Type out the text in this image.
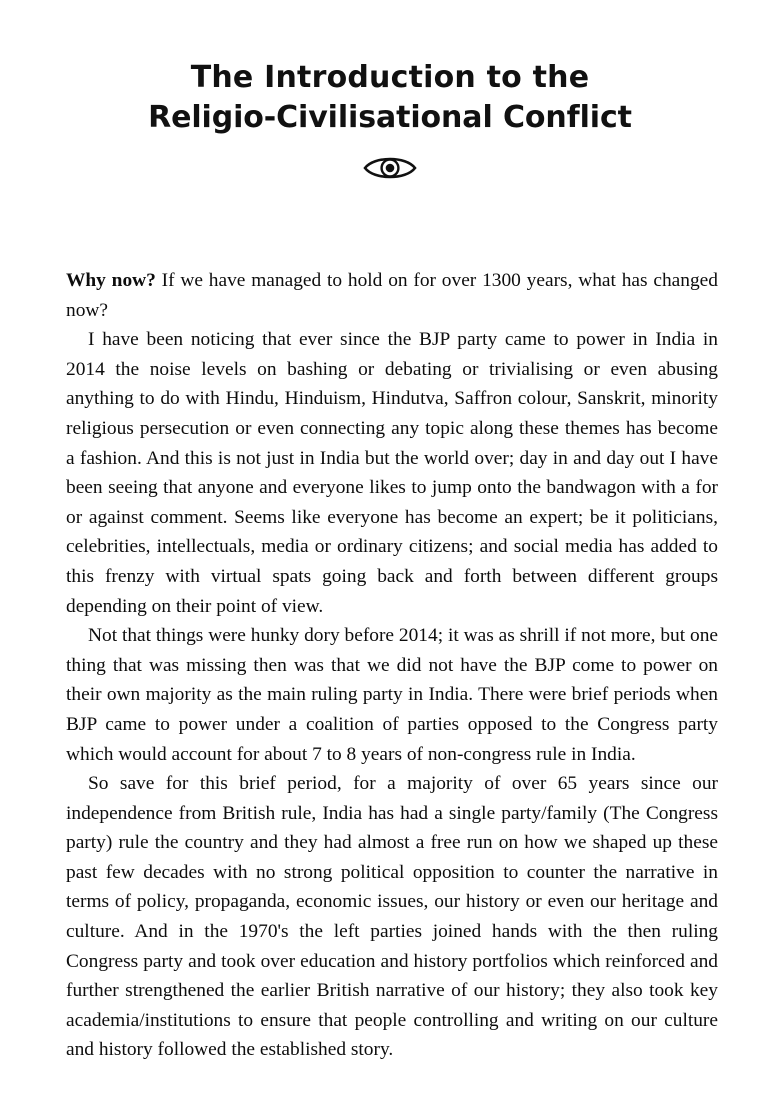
The Introduction to the
Religio-Civilisational Conflict

Why now? If we have managed to hold on for over 1300 years, what has changed now?

I have been noticing that ever since the BJP party came to power in India in 2014 the noise levels on bashing or debating or trivialising or even abusing anything to do with Hindu, Hinduism, Hindutva, Saffron colour, Sanskrit, minority religious persecution or even connecting any topic along these themes has become a fashion. And this is not just in India but the world over; day in and day out I have been seeing that anyone and everyone likes to jump onto the bandwagon with a for or against comment. Seems like everyone has become an expert; be it politicians, celebrities, intellectuals, media or ordinary citizens; and social media has added to this frenzy with virtual spats going back and forth between different groups depending on their point of view.

Not that things were hunky dory before 2014; it was as shrill if not more, but one thing that was missing then was that we did not have the BJP come to power on their own majority as the main ruling party in India. There were brief periods when BJP came to power under a coalition of parties opposed to the Congress party which would account for about 7 to 8 years of non-congress rule in India.

So save for this brief period, for a majority of over 65 years since our independence from British rule, India has had a single party/family (The Congress party) rule the country and they had almost a free run on how we shaped up these past few decades with no strong political opposition to counter the narrative in terms of policy, propaganda, economic issues, our history or even our heritage and culture. And in the 1970's the left parties joined hands with the then ruling Congress party and took over education and history portfolios which reinforced and further strengthened the earlier British narrative of our history; they also took key academia/institutions to ensure that people controlling and writing on our culture and history followed the established story.
